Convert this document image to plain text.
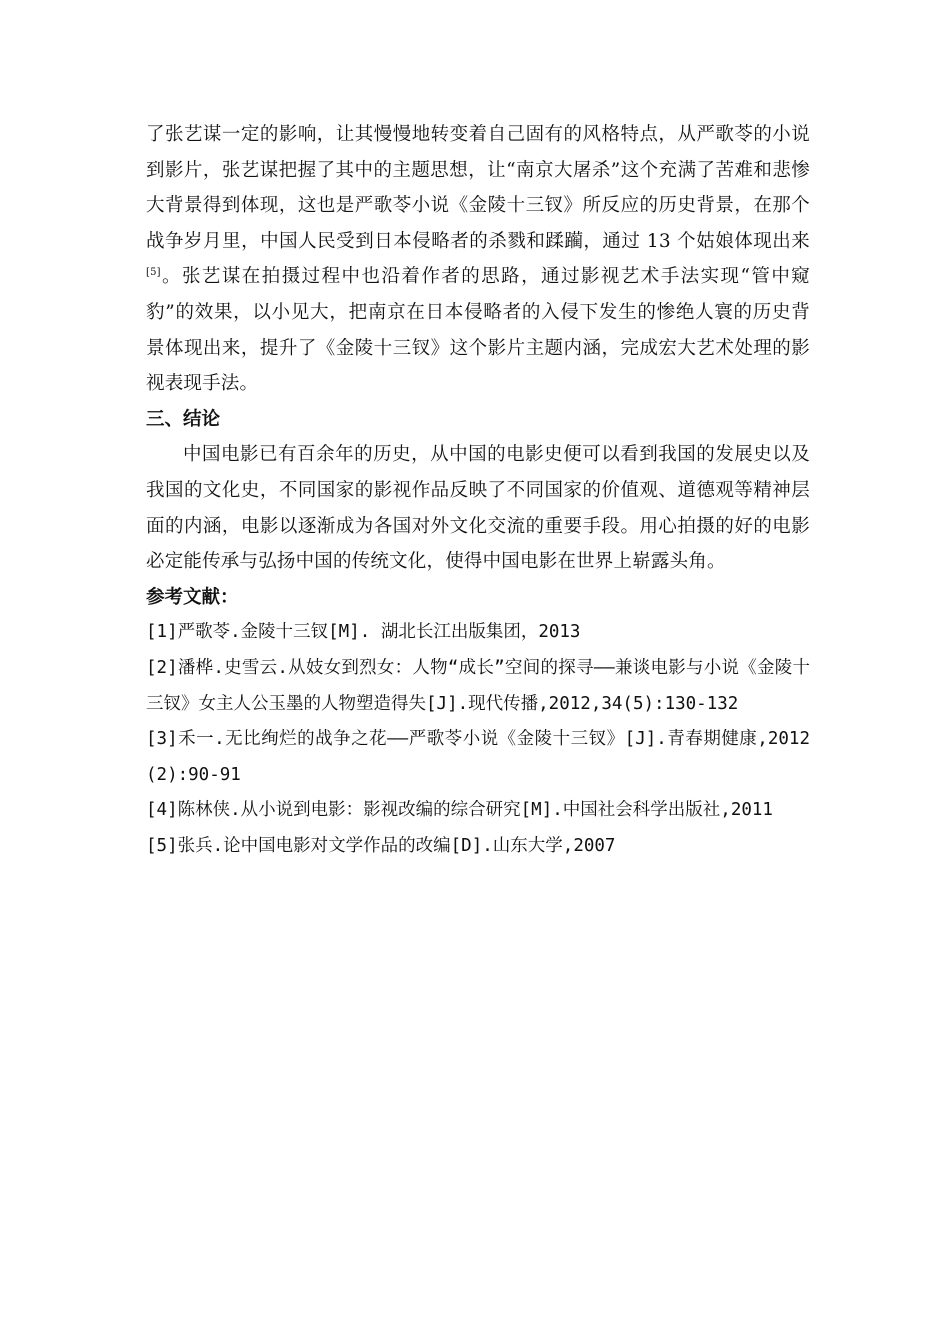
了张艺谋一定的影响，让其慢慢地转变着自己固有的风格特点，从严歌苓的小说到影片，张艺谋把握了其中的主题思想，让“南京大屠杀”这个充满了苦难和悲惨大背景得到体现，这也是严歌苓小说《金陵十三钗》所反应的历史背景，在那个战争岁月里，中国人民受到日本侵略者的杀戮和蹂躏，通过 13 个姑娘体现出来[5]。张艺谋在拍摄过程中也沿着作者的思路，通过影视艺术手法实现“管中窥豹”的效果，以小见大，把南京在日本侵略者的入侵下发生的惨绝人寰的历史背景体现出来，提升了《金陵十三钗》这个影片主题内涵，完成宏大艺术处理的影视表现手法。

三、结论

中国电影已有百余年的历史，从中国的电影史便可以看到我国的发展史以及我国的文化史，不同国家的影视作品反映了不同国家的价值观、道德观等精神层面的内涵，电影以逐渐成为各国对外文化交流的重要手段。用心拍摄的好的电影必定能传承与弘扬中国的传统文化，使得中国电影在世界上崭露头角。

参考文献：
[1]严歌苓.金陵十三钗[M]. 湖北长江出版集团，2013
[2]潘桦.史雪云.从妓女到烈女：人物“成长”空间的探寻——兼谈电影与小说《金陵十三钗》女主人公玉墨的人物塑造得失[J].现代传播,2012,34(5):130-132
[3]禾一.无比绚烂的战争之花——严歌苓小说《金陵十三钗》[J].青春期健康,2012(2):90-91
[4]陈林侠.从小说到电影：影视改编的综合研究[M].中国社会科学出版社,2011
[5]张兵.论中国电影对文学作品的改编[D].山东大学,2007
